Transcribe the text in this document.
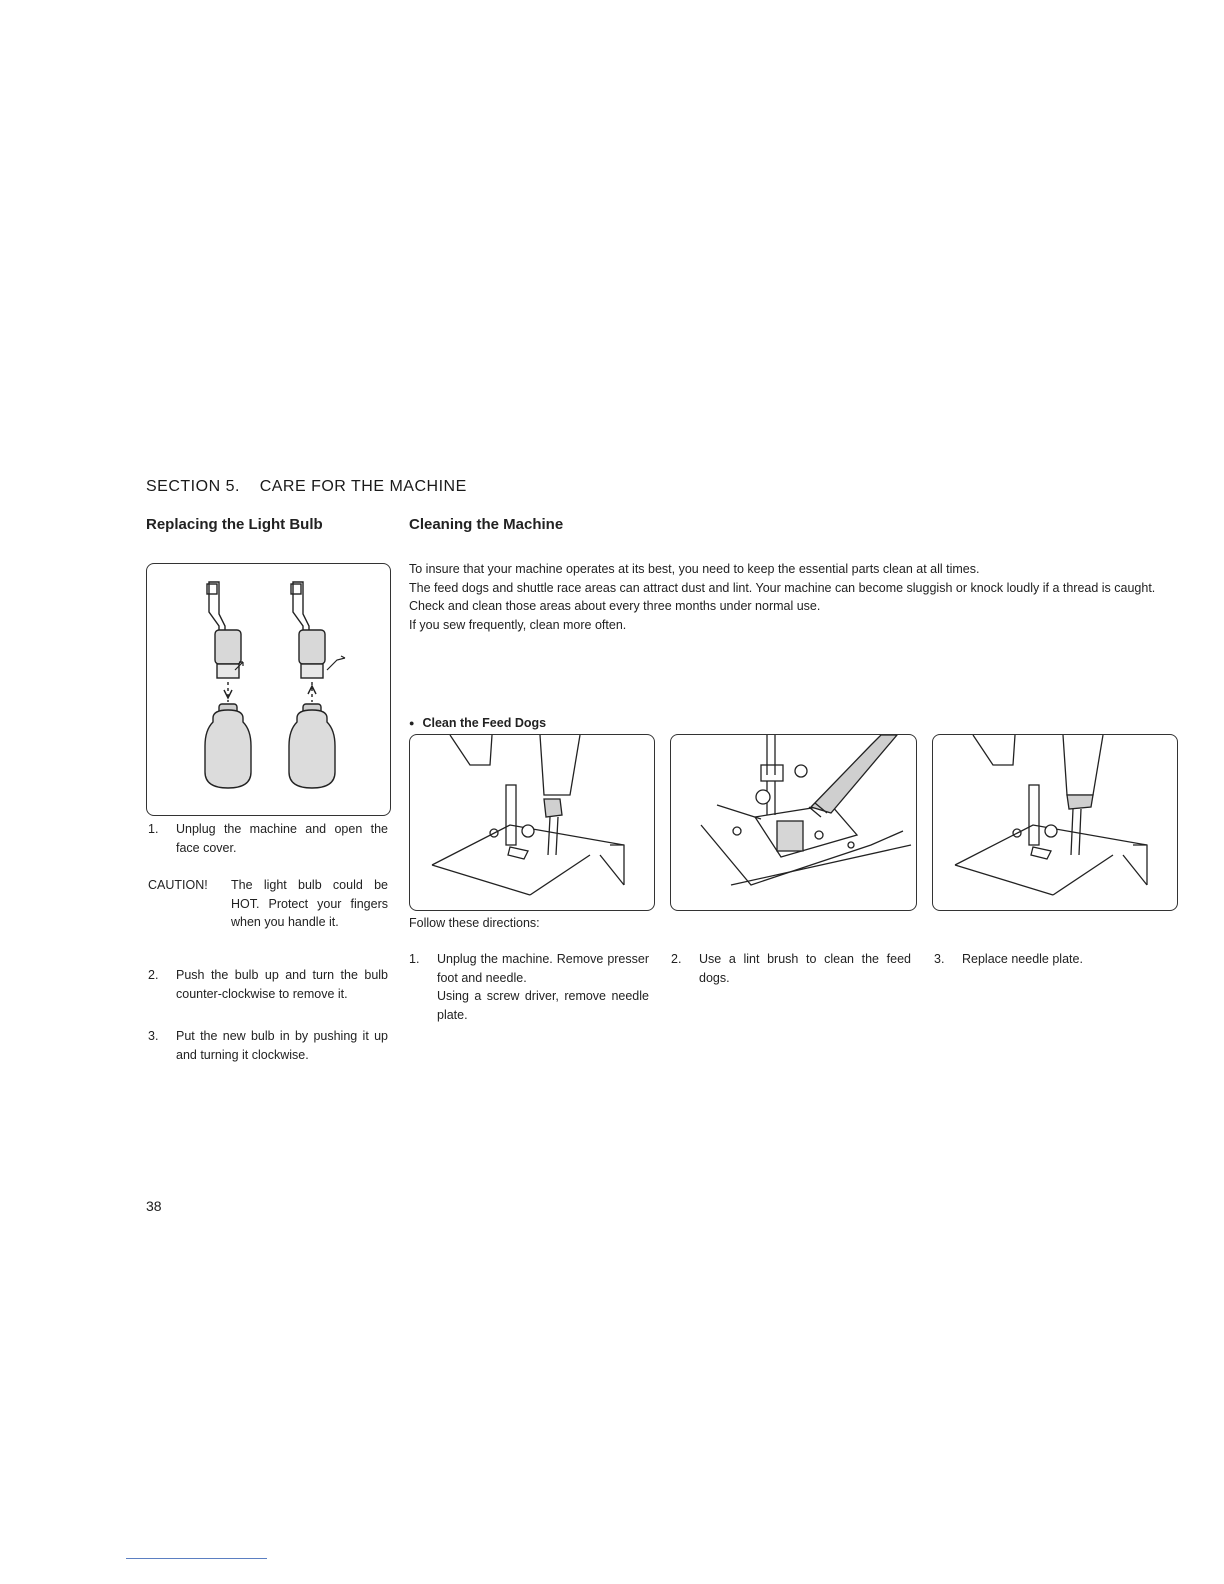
SECTION 5.    CARE FOR THE MACHINE
Replacing the Light Bulb	Cleaning the Machine
1. Unplug the machine and open the face cover.
CAUTION! The light bulb could be HOT. Protect your fingers when you handle it.
2. Push the bulb up and turn the bulb counter-clockwise to remove it.
3. Put the new bulb in by pushing it up and turning it clockwise.
To insure that your machine operates at its best, you need to keep the essential parts clean at all times.
The feed dogs and shuttle race areas can attract dust and lint. Your machine can become sluggish or knock loudly if a thread is caught.
Check and clean those areas about every three months under normal use.
If you sew frequently, clean more often.
● Clean the Feed Dogs
Follow these directions:
1. Unplug the machine. Remove presser foot and needle.
Using a screw driver, remove needle plate.
2. Use a lint brush to clean the feed dogs.
3. Replace needle plate.
38
